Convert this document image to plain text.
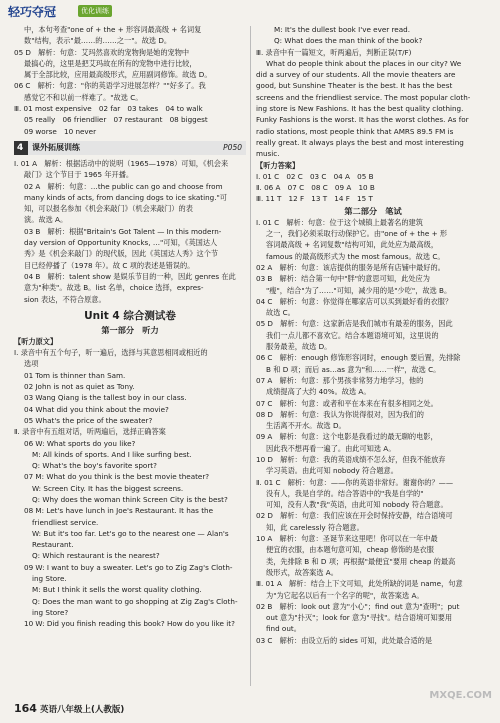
轻巧夺冠	优化训练

中，本句考查"one of + the + 形容词最高级 + 名词复

数"结构，表示"最……的……之一"。故选 D。

05 D　解析：句意：艾玛然喜欢的宠物狗是她的宠物中

最搞心的，这里是把艾玛故在所有的宠物中进行比较，

属于全部比较，应用最高级形式，应用副词修饰。故选 D。

06 C　解析：句意："你的英语学习进展怎样？""好多了。我

感觉它不和以前一样难了。"故选 C。

Ⅲ. 01 most expensive　02 far　03 takes　04 to walk

05 really　06 friendlier　07 restaurant　08 biggest

09 worse　10 never

4 课外拓展训练	P050

Ⅰ. 01 A　解析：根据活动中的说明（1965—1978）可知，《机会来

敲门》这个节目于 1965 年开播。

02 A　解析：句意：…the public can go and choose from

many kinds of acts, from dancing dogs to ice skating."可

知，可以报名参加《机会来敲门》（机会来敲门）的表

演。故选 A。

03 B　解析：根据"Britain's Got Talent — In this modern-

day version of Opportunity Knocks, …"可知，《英国达人

秀》是《机会来敲门》的现代版，因此《英国达人秀》这个节

目已经停播了（1978 年）。故 C 项的表述是错误的。

04 B　解析：talent show 是娱乐节目的一种，因此 genres 在此

意为"种类"。故选 B。list 名单，choice 选择，expres-

sion 表达，不符合原意。

Unit 4 综合测试卷
第一部分　听力

【听力原文】

Ⅰ. 录音中有五个句子，听一遍后，选择与其意思相同或相近的

选项

01 Tom is thinner than Sam.

02 John is not as quiet as Tony.

03 Wang Qiang is the tallest boy in our class.

04 What did you think about the movie?

05 What's the price of the sweater?

Ⅱ. 录音中有五组对话，听两遍后，选择正确答案

06 W: What sports do you like?

M: All kinds of sports. And I like surfing best.

Q: What's the boy's favorite sport?

07 M: What do you think is the best movie theater?

W: Screen City. It has the biggest screens.

Q: Why does the woman think Screen City is the best?

08 M: Let's have lunch in Joe's Restaurant. It has the

friendliest service.

W: But it's too far. Let's go to the nearest one — Alan's

Restaurant.

Q: Which restaurant is the nearest?

09 W: I want to buy a sweater. Let's go to Zig Zag's Cloth-

ing Store.

M: But I think it sells the worst quality clothing.

Q: Does the man want to go shopping at Zig Zag's Cloth-

ing Store?

10 W: Did you finish reading this book? How do you like it?

M: It's the dullest book I've ever read.

Q: What does the man think of the book?

Ⅲ. 录音中有一篇短文，听两遍后，判断正误(T/F)

What do people think about the places in our city? We

did a survey of our students. All the movie theaters are

good, but Sunshine Theater is the best. It has the best

screens and the friendliest service. The most popular cloth-

ing store is New Fashions. It has the best quality clothing.

Funky Fashions is the worst. It has the worst clothes. As for

radio stations, most people think that AMRS 89.5 FM is

really great. It always plays the best and most interesting

music.

【听力答案】

Ⅰ. 01 C　02 C　03 C　04 A　05 B

Ⅱ. 06 A　07 C　08 C　09 A　10 B

Ⅲ. 11 T　12 F　13 T　14 F　15 T

第二部分　笔试

Ⅰ. 01 C　解析：句意：位于这个城镇上最著名的建筑

之一，我们必须采取行动保护它。由"one of + the + 形

容词最高级 + 名词复数"结构可知，此处应为最高级，

famous 的最高级形式为 the most famous。故选 C。

02 A　解析：句意：该店提供的服务是所有店铺中最好的。

03 B　解析：结合第一句中"胖"的意思可知，此处应为

"瘦"，结合"为了……"可知，减少用的是"少吃"，故选 B。

04 C　解析：句意：你觉得在哪家店可以买到最好看的衣服？

故选 C。

05 D　解析：句意：这家新店是我们城市有最差的服务，因此

我们一点儿都不喜欢它。结合本题语境可知，这里说的

服务最差，故选 D。

06 C　解析：enough 修饰形容词时，enough 要后置，先排除

B 和 D 项；而后 as…as 意为"和……一样"，故选 C。

07 A　解析：句意：那个男孩非常努力地学习，他的

成绩提高了大约 40%。故选 A。

07 C　解析：句意：或者和平在本来在有很多相同之处。

08 D　解析：句意：我认为你说得很对，因为我们的

生活离不开水。故选 D。

09 A　解析：句意：这个电影是我看过的最无聊的电影，

因此我不想再看一遍了。由此可知选 A。

10 D　解析：句意：我的英语成绩不怎么好，但我不能放弃

学习英语。由此可知 nobody 符合题意。

Ⅱ. 01 C　解析：句意：——你的英语非常好。谢谢你的？——

没有人，我是自学的。结合答语中的"我是自学的"

可知，没有人教"我"英语，由此可知 nobody 符合题意。

02 D　解析：句意：我们应该在开会时保持安静，结合语境可

知，此 carelessly 符合题意。

10 A　解析：句意：圣诞节来这里吧！你可以在一年中最

便宜的衣服，由本题句意可知，cheap 修饰的是衣服

类，先排除 B 和 D 项；再根据"最便宜"要用 cheap 的最高

级形式，故答案选 A。

Ⅲ. 01 A　解析：结合上下文可知，此处所缺的词是 name，句意

为"为它起名以后有一个名字的呢"，故答案选 A。

02 B　解析：look out 意为"小心"；find out 意为"查明"；put

out 意为"扑灭"；look for 意为"寻找"。结合语境可知要用

find out。

03 C　解析：由设立后的 sides 可知，此处最合适的是

164 英语八年级上(人教版)
MXQE.COM
